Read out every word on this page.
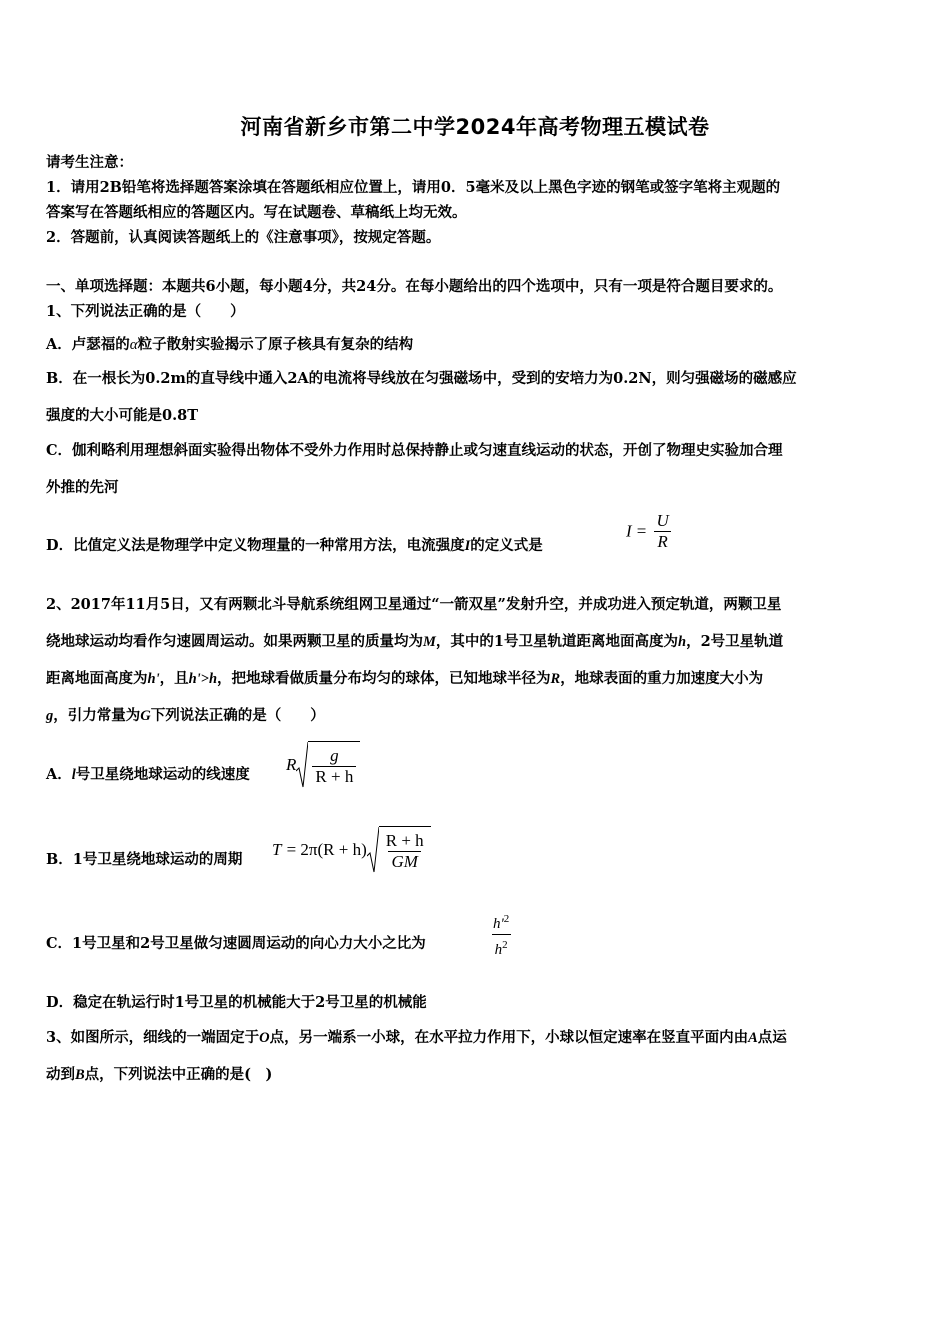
河南省新乡市第二中学2024年高考物理五模试卷
请考生注意：
1．请用2B铅笔将选择题答案涂填在答题纸相应位置上，请用0．5毫米及以上黑色字迹的钢笔或签字笔将主观题的
答案写在答题纸相应的答题区内。写在试题卷、草稿纸上均无效。
2．答题前，认真阅读答题纸上的《注意事项》，按规定答题。
一、单项选择题：本题共6小题，每小题4分，共24分。在每小题给出的四个选项中，只有一项是符合题目要求的。
1、下列说法正确的是（　　）
A．卢瑟福的α粒子散射实验揭示了原子核具有复杂的结构
B．在一根长为0.2m的直导线中通入2A的电流将导线放在匀强磁场中，受到的安培力为0.2N，则匀强磁场的磁感应
强度的大小可能是0.8T
C．伽利略利用理想斜面实验得出物体不受外力作用时总保持静止或匀速直线运动的状态，开创了物理史实验加合理
外推的先河
D．比值定义法是物理学中定义物理量的一种常用方法，电流强度I的定义式是
$I = \frac{U}{R}$
2、2017年11月5日，又有两颗北斗导航系统组网卫星通过“一箭双星”发射升空，并成功进入预定轨道，两颗卫星
绕地球运动均看作匀速圆周运动。如果两颗卫星的质量均为M，其中的1号卫星轨道距离地面高度为h，2号卫星轨道
距离地面高度为h'，且h'>h，把地球看做质量分布均匀的球体，已知地球半径为R，地球表面的重力加速度大小为
g，引力常量为G下列说法正确的是（　　）
A．l号卫星绕地球运动的线速度
R $\frac{g}{R + h}$
B．1号卫星绕地球运动的周期
$T = 2\pi(R + h) \frac{R + h}{GM}$
C．1号卫星和2号卫星做匀速圆周运动的向心力大小之比为	$\frac{h'^2}{h^2}$
D．稳定在轨运行时1号卫星的机械能大于2号卫星的机械能
3、如图所示，细线的一端固定于O点，另一端系一小球，在水平拉力作用下，小球以恒定速率在竖直平面内由A点运
动到B点，下列说法中正确的是(　)
